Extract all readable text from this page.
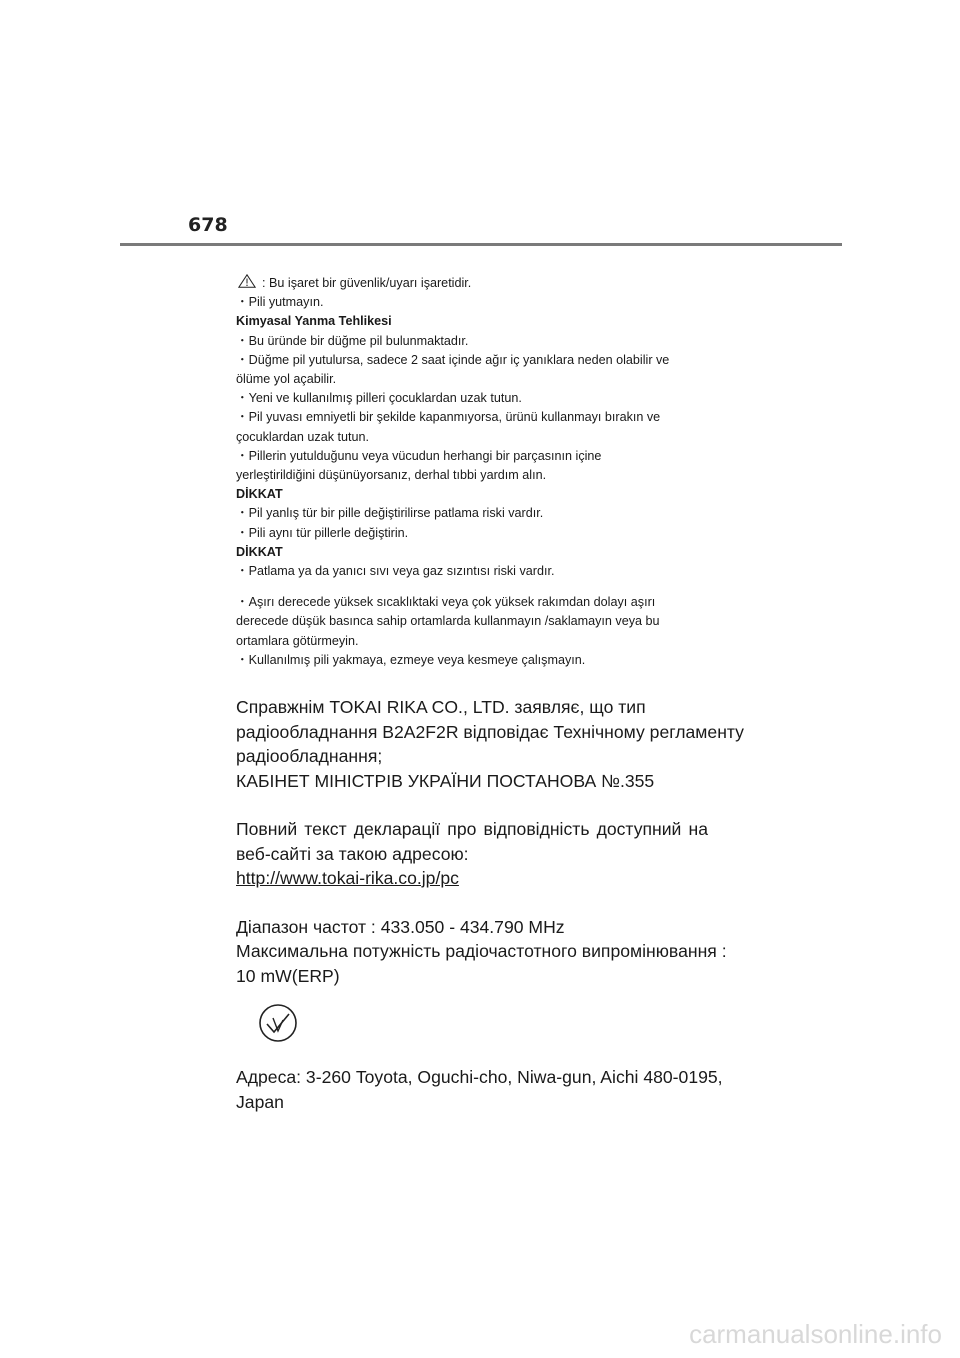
678
: Bu işaret bir güvenlik/uyarı işaretidir.
・Pili yutmayın.
Kimyasal Yanma Tehlikesi
・Bu üründe bir düğme pil bulunmaktadır.
・Düğme pil yutulursa, sadece 2 saat içinde ağır iç yanıklara neden olabilir ve
ölüme yol açabilir.
・Yeni ve kullanılmış pilleri çocuklardan uzak tutun.
・Pil yuvası emniyetli bir şekilde kapanmıyorsa, ürünü kullanmayı bırakın ve
çocuklardan uzak tutun.
・Pillerin yutulduğunu veya vücudun herhangi bir parçasının içine
yerleştirildiğini düşünüyorsanız, derhal tıbbi yardım alın.
DİKKAT
・Pil yanlış tür bir pille değiştirilirse patlama riski vardır.
・Pili aynı tür pillerle değiştirin.
DİKKAT
・Patlama ya da yanıcı sıvı veya gaz sızıntısı riski vardır.
・Aşırı derecede yüksek sıcaklıktaki veya çok yüksek rakımdan dolayı aşırı
derecede düşük basınca sahip ortamlarda kullanmayın /saklamayın veya bu
ortamlara götürmeyin.
・Kullanılmış pili yakmaya, ezmeye veya kesmeye çalışmayın.
Справжнім TOKAI RIKA CO., LTD. заявляє, що тип
радіообладнання B2A2F2R відповідає Технічному регламенту
радіообладнання;
КАБІНЕТ МІНІСТРІВ УКРАЇНИ ПОСТАНОВА №.355
Повний текст декларації про відповідність доступний на
веб-сайті за такою адресою:
http://www.tokai-rika.co.jp/pc
Діапазон частот : 433.050 - 434.790 MHz
Максимальна потужність радіочастотного випромінювання :
10 mW(ERP)
Адреса: 3-260 Toyota, Oguchi-cho, Niwa-gun, Aichi 480-0195,
Japan
carmanualsonline.info
